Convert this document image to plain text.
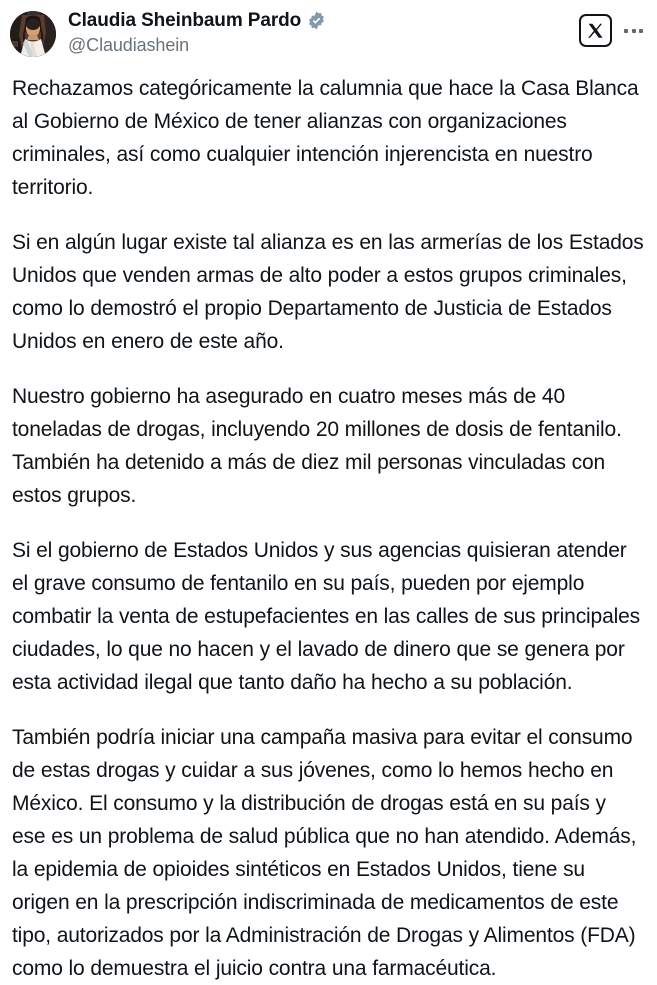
Claudia Sheinbaum Pardo
@Claudiashein

Rechazamos categóricamente la calumnia que hace la Casa Blanca al Gobierno de México de tener alianzas con organizaciones criminales, así como cualquier intención injerencista en nuestro territorio.

Si en algún lugar existe tal alianza es en las armerías de los Estados Unidos que venden armas de alto poder a estos grupos criminales, como lo demostró el propio Departamento de Justicia de Estados Unidos en enero de este año.

Nuestro gobierno ha asegurado en cuatro meses más de 40 toneladas de drogas, incluyendo 20 millones de dosis de fentanilo. También ha detenido a más de diez mil personas vinculadas con estos grupos.

Si el gobierno de Estados Unidos y sus agencias quisieran atender el grave consumo de fentanilo en su país, pueden por ejemplo combatir la venta de estupefacientes en las calles de sus principales ciudades, lo que no hacen y el lavado de dinero que se genera por esta actividad ilegal que tanto daño ha hecho a su población.

También podría iniciar una campaña masiva para evitar el consumo de estas drogas y cuidar a sus jóvenes, como lo hemos hecho en México. El consumo y la distribución de drogas está en su país y ese es un problema de salud pública que no han atendido. Además, la epidemia de opioides sintéticos en Estados Unidos, tiene su origen en la prescripción indiscriminada de medicamentos de este tipo, autorizados por la Administración de Drogas y Alimentos (FDA) como lo demuestra el juicio contra una farmacéutica.
